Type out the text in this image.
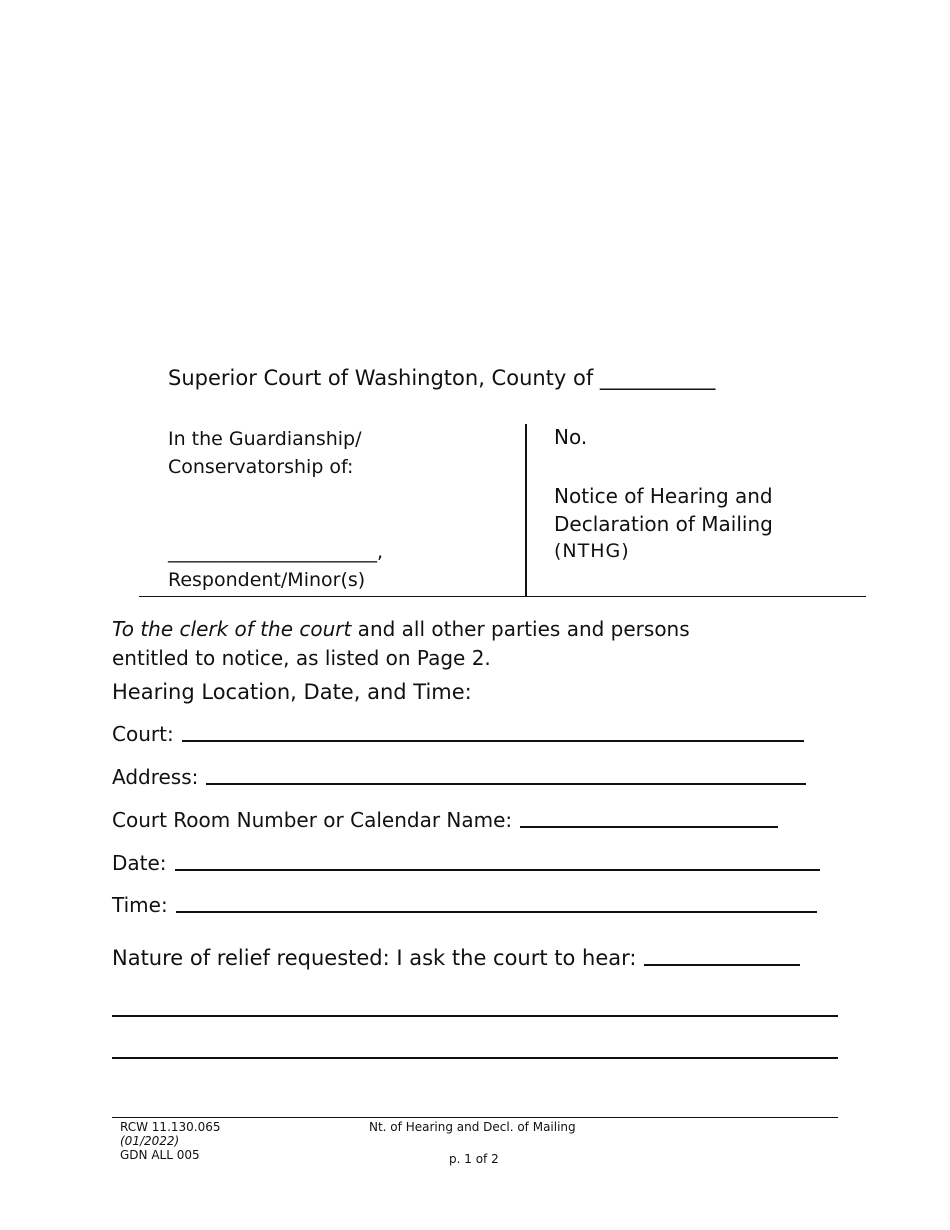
Superior Court of Washington, County of ___________
In the Guardianship/
Conservatorship of:
______________________,
Respondent/Minor(s)
No.
Notice of Hearing and
Declaration of Mailing
(NTHG)
To the clerk of the court and all other parties and persons
entitled to notice, as listed on Page 2.
Hearing Location, Date, and Time:
Court:
Address:
Court Room Number or Calendar Name:
Date:
Time:
Nature of relief requested: I ask the court to hear:
RCW 11.130.065
(01/2022)
GDN ALL 005
Nt. of Hearing and Decl. of Mailing
p. 1 of 2
